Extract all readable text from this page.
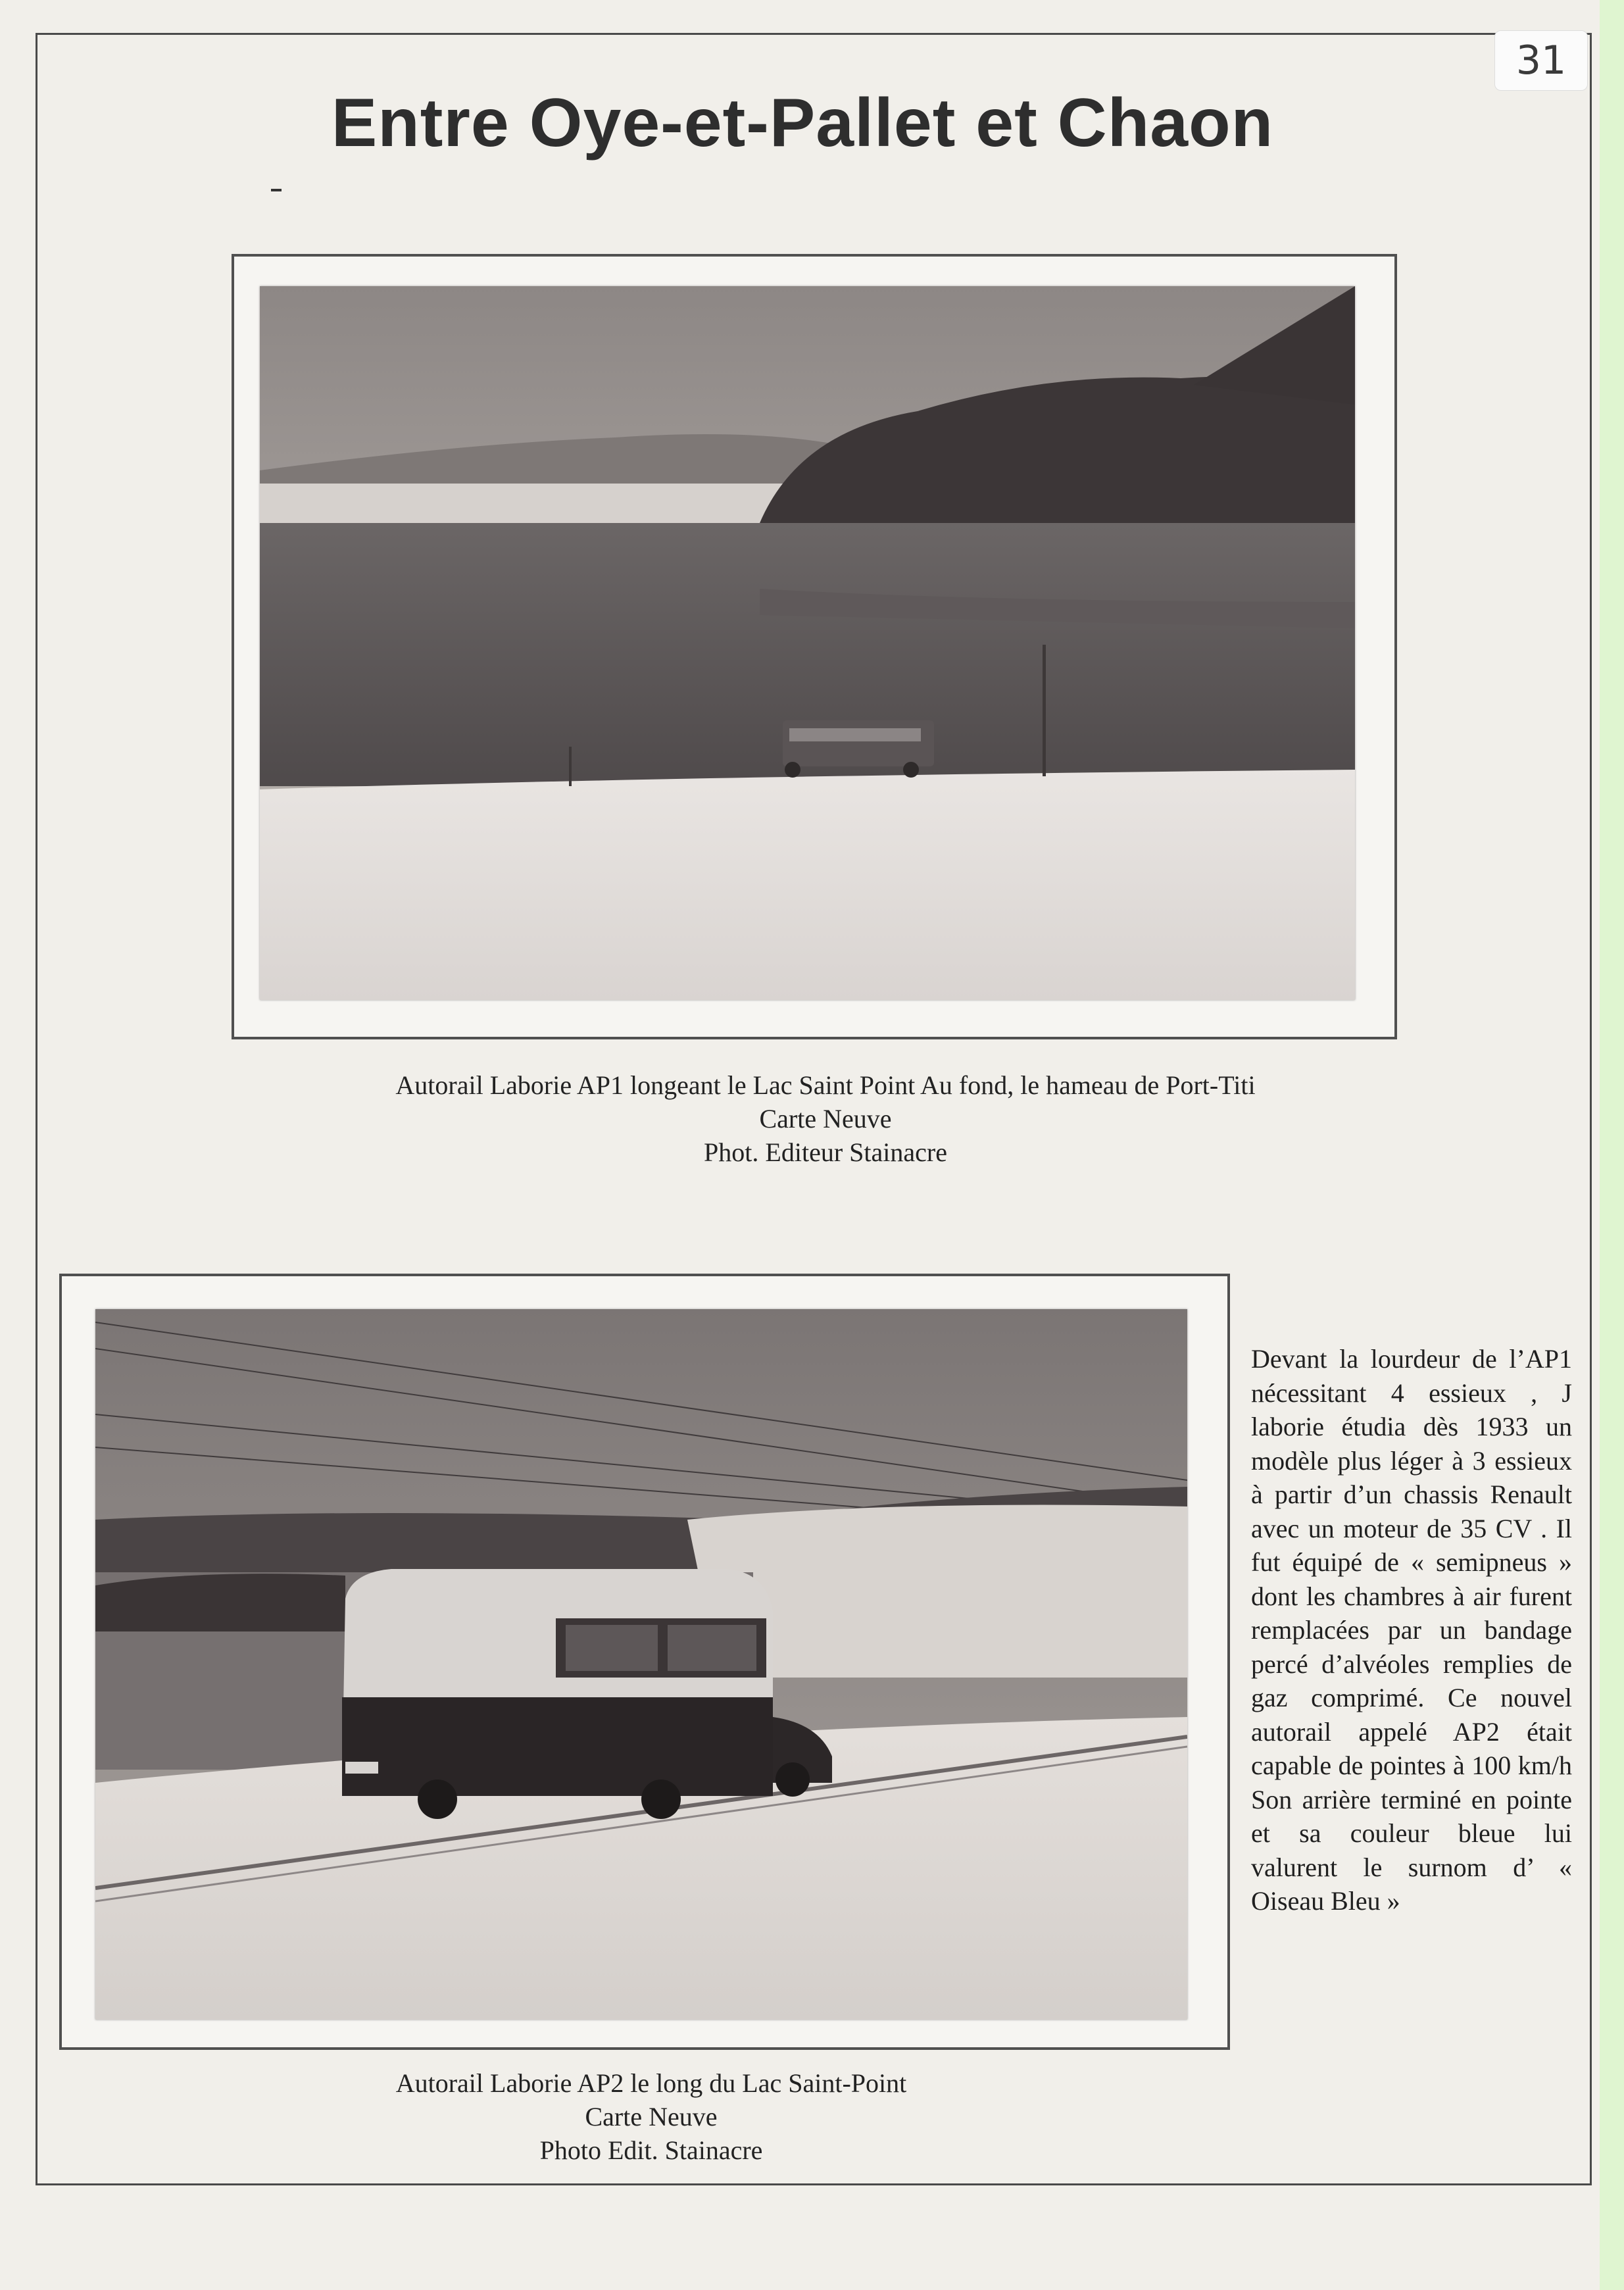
31
Entre Oye-et-Pallet et Chaon
Autorail Laborie AP1 longeant le Lac Saint Point Au fond, le hameau de Port-Titi
Carte Neuve
Phot. Editeur Stainacre
Autorail Laborie AP2 le long du Lac Saint-Point
Carte Neuve
Photo Edit. Stainacre
Devant la lourdeur de l’AP1 nécessitant 4 essieux , J laborie étudia dès 1933 un modèle plus léger à 3 essieux à partir d’un chassis Renault avec un moteur de 35 CV . Il fut équipé de « semipneus » dont les chambres à air furent remplacées par un bandage percé d’alvéoles remplies de gaz comprimé. Ce nouvel autorail appelé AP2 était capable de pointes à 100 km/h Son arrière terminé en pointe et sa couleur bleue lui valurent le surnom d’ « Oiseau Bleu »
